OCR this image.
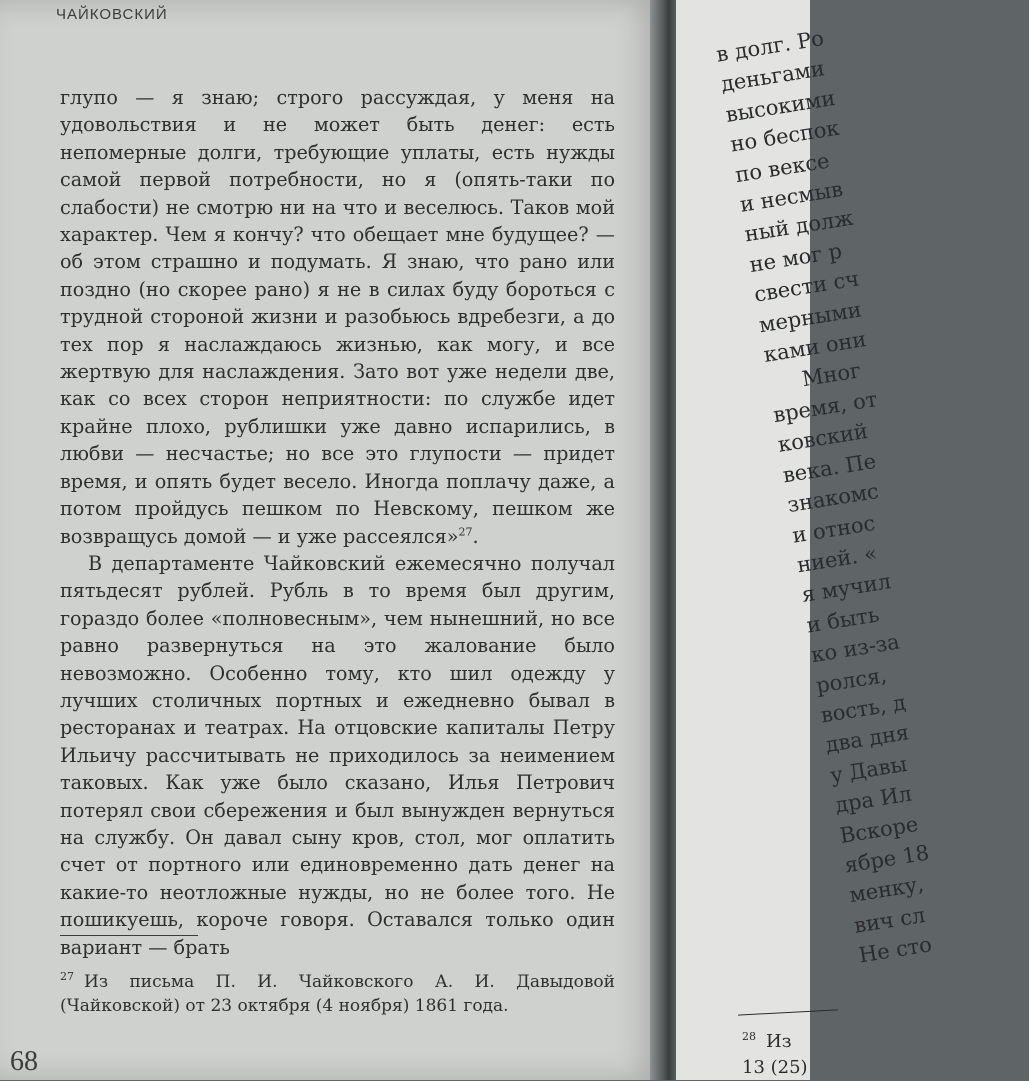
ЧАЙКОВСКИЙ

глупо — я знаю; строго рассуждая, у меня на удовольствия и не может быть денег: есть непомерные долги, требующие уплаты, есть нужды самой первой потребности, но я (опять-таки по слабости) не смотрю ни на что и веселюсь. Таков мой характер. Чем я кончу? что обещает мне будущее? — об этом страшно и подумать. Я знаю, что рано или поздно (но скорее рано) я не в силах буду бороться с трудной стороной жизни и разобьюсь вдребезги, а до тех пор я наслаждаюсь жизнью, как могу, и все жертвую для наслаждения. Зато вот уже недели две, как со всех сторон неприятности: по службе идет крайне плохо, рублишки уже давно испарились, в любви — несчастье; но все это глупости — придет время, и опять будет весело. Иногда поплачу даже, а потом пройдусь пешком по Невскому, пешком же возвращусь домой — и уже рассеялся»$^{27}$.

В департаменте Чайковский ежемесячно получал пятьдесят рублей. Рубль в то время был другим, гораздо более «полновесным», чем нынешний, но все равно развернуться на это жалование было невозможно. Особенно тому, кто шил одежду у лучших столичных портных и ежедневно бывал в ресторанах и театрах. На отцовские капиталы Петру Ильичу рассчитывать не приходилось за неимением таковых. Как уже было сказано, Илья Петрович потерял свои сбережения и был вынужден вернуться на службу. Он давал сыну кров, стол, мог оплатить счет от портного или единовременно дать денег на какие-то неотложные нужды, но не более того. Не пошикуешь, короче говоря. Оставался только один вариант — брать

$^{27}$ Из письма П. И. Чайковского А. И. Давыдовой (Чайковской) от 23 октября (4 ноября) 1861 года.
68
в долг. Ро
деньгами
высокими
но беспок
по вексе
и несмыв
ный долж
не мог р
свести сч
мерными
ками они
Мног
время, от
ковский
века. Пе
знакомс
и относ
нией. «
я мучил
и быть
ко из-за
ролся,
вость, д
два дня
у Давы
дра Ил
Вскоре
ябре 18
менку,
вич сл
Не сто
$^{28}$ Из
13 (25)
